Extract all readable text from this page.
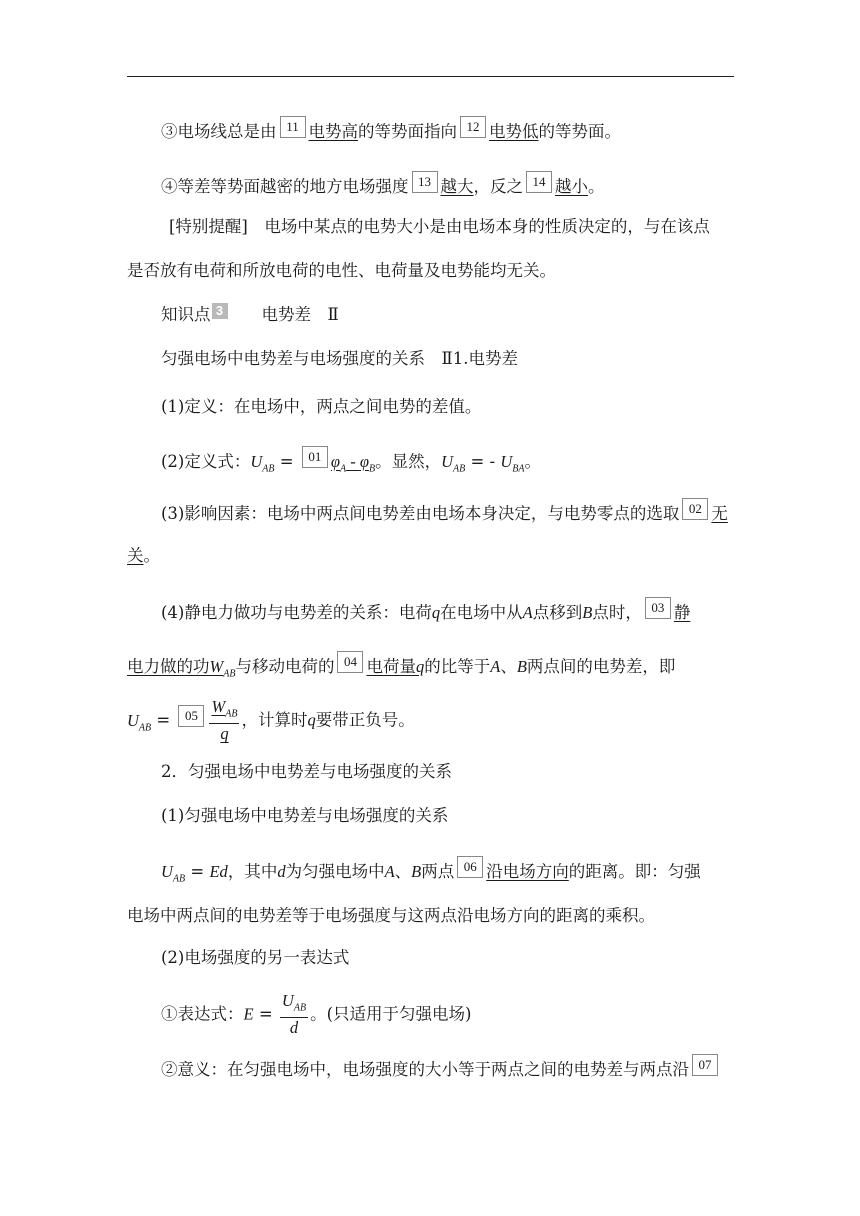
③电场线总是由 11 电势高的等势面指向 12 电势低的等势面。
④等差等势面越密的地方电场强度 13 越大，反之 14 越小。
[特别提醒]　电场中某点的电势大小是由电场本身的性质决定的，与在该点
是否放有电荷和所放电荷的电性、电荷量及电势能均无关。
知识点 3 电势差　Ⅱ
匀强电场中电势差与电场强度的关系　Ⅱ1.电势差
(1)定义：在电场中，两点之间电势的差值。
(2)定义式：$U_{AB} = 01$ $\varphi_A - \varphi_B$。显然，$U_{AB}$ = - $U_{BA}$。
(3)影响因素：电场中两点间电势差由电场本身决定，与电势零点的选取 02 无
关。
(4)静电力做功与电势差的关系：电荷q在电场中从A点移到B点时， 03 静
电力做的功$W_{AB}$与移动电荷的 04 电荷量q的比等于A、B两点间的电势差，即
$U_{AB} = 05 \frac{W_{AB}}{q}$ ，计算时q要带正负号。
2．匀强电场中电势差与电场强度的关系
(1)匀强电场中电势差与电场强度的关系
$U_{AB} = Ed$，其中d为匀强电场中A、B两点 06 沿电场方向的距离。即：匀强
电场中两点间的电势差等于电场强度与这两点沿电场方向的距离的乘积。
(2)电场强度的另一表达式
①表达式：$E = \frac{U_{AB}}{d}$ 。(只适用于匀强电场)
②意义：在匀强电场中，电场强度的大小等于两点之间的电势差与两点沿 07
